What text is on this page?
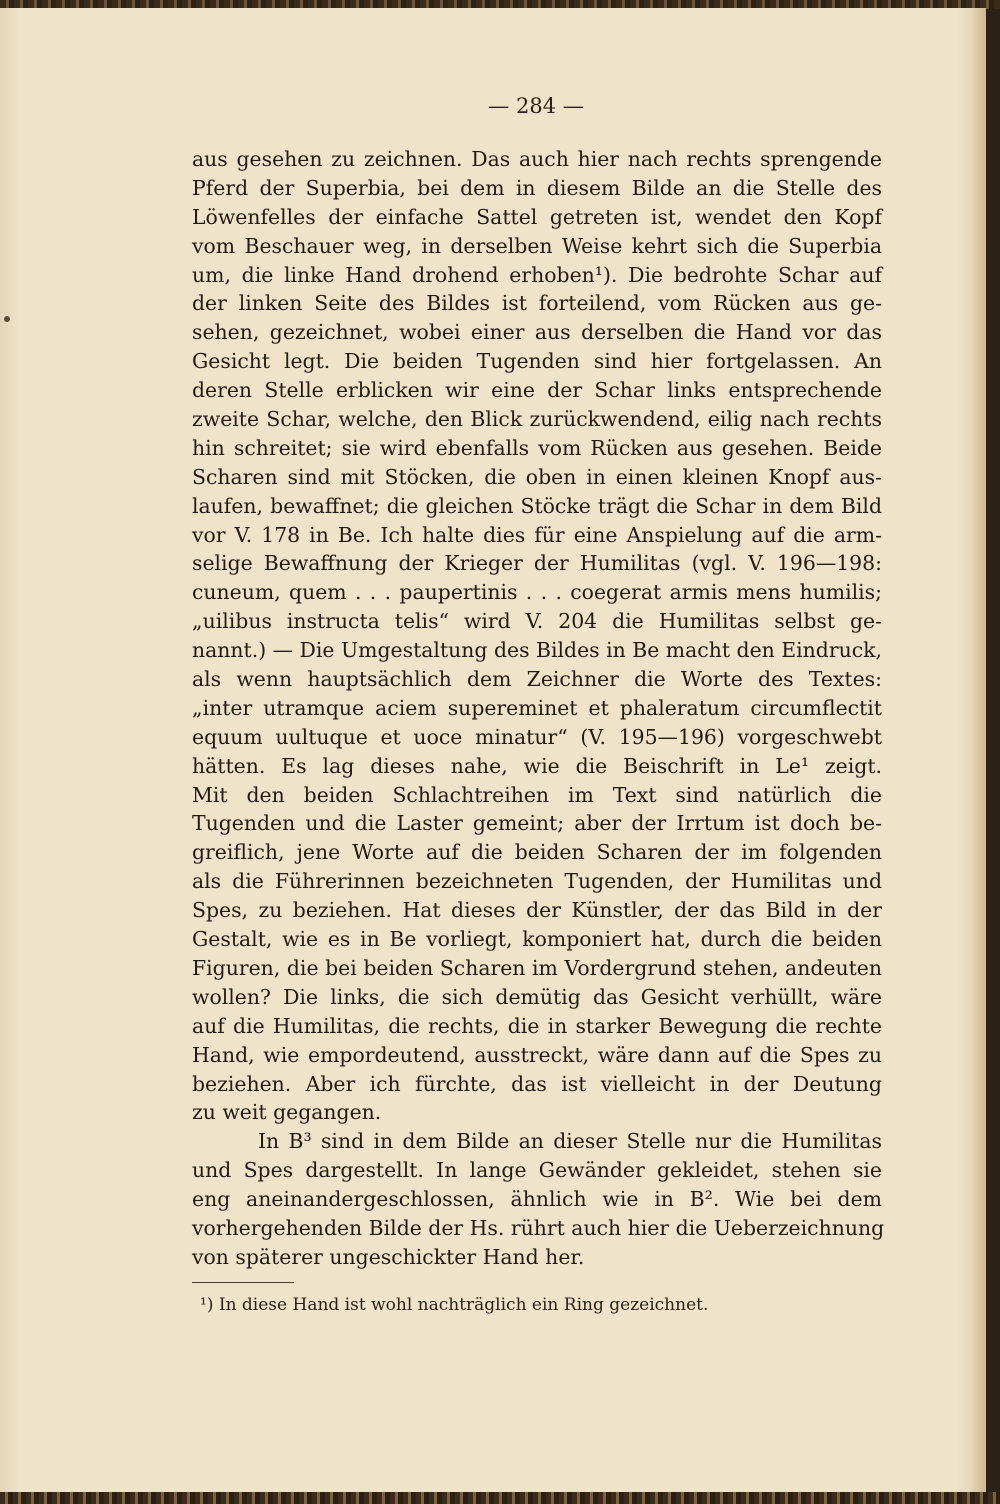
— 284 —
aus gesehen zu zeichnen. Das auch hier nach rechts sprengende
Pferd der Superbia, bei dem in diesem Bilde an die Stelle des
Löwenfelles der einfache Sattel getreten ist, wendet den Kopf
vom Beschauer weg, in derselben Weise kehrt sich die Superbia
um, die linke Hand drohend erhoben¹). Die bedrohte Schar auf
der linken Seite des Bildes ist forteilend, vom Rücken aus ge-
sehen, gezeichnet, wobei einer aus derselben die Hand vor das
Gesicht legt. Die beiden Tugenden sind hier fortgelassen. An
deren Stelle erblicken wir eine der Schar links entsprechende
zweite Schar, welche, den Blick zurückwendend, eilig nach rechts
hin schreitet; sie wird ebenfalls vom Rücken aus gesehen. Beide
Scharen sind mit Stöcken, die oben in einen kleinen Knopf aus-
laufen, bewaffnet; die gleichen Stöcke trägt die Schar in dem Bild
vor V. 178 in Be. Ich halte dies für eine Anspielung auf die arm-
selige Bewaffnung der Krieger der Humilitas (vgl. V. 196—198:
cuneum, quem . . . paupertinis . . . coegerat armis mens humilis;
„uilibus instructa telis“ wird V. 204 die Humilitas selbst ge-
nannt.) — Die Umgestaltung des Bildes in Be macht den Eindruck,
als wenn hauptsächlich dem Zeichner die Worte des Textes:
„inter utramque aciem supereminet et phaleratum circumflectit
equum uultuque et uoce minatur“ (V. 195—196) vorgeschwebt
hätten. Es lag dieses nahe, wie die Beischrift in Le¹ zeigt.
Mit den beiden Schlachtreihen im Text sind natürlich die
Tugenden und die Laster gemeint; aber der Irrtum ist doch be-
greiflich, jene Worte auf die beiden Scharen der im folgenden
als die Führerinnen bezeichneten Tugenden, der Humilitas und
Spes, zu beziehen. Hat dieses der Künstler, der das Bild in der
Gestalt, wie es in Be vorliegt, komponiert hat, durch die beiden
Figuren, die bei beiden Scharen im Vordergrund stehen, andeuten
wollen? Die links, die sich demütig das Gesicht verhüllt, wäre
auf die Humilitas, die rechts, die in starker Bewegung die rechte
Hand, wie empordeutend, ausstreckt, wäre dann auf die Spes zu
beziehen. Aber ich fürchte, das ist vielleicht in der Deutung
zu weit gegangen.
In B³ sind in dem Bilde an dieser Stelle nur die Humilitas
und Spes dargestellt. In lange Gewänder gekleidet, stehen sie
eng aneinandergeschlossen, ähnlich wie in B². Wie bei dem
vorhergehenden Bilde der Hs. rührt auch hier die Ueberzeichnung
von späterer ungeschickter Hand her.
¹) In diese Hand ist wohl nachträglich ein Ring gezeichnet.
